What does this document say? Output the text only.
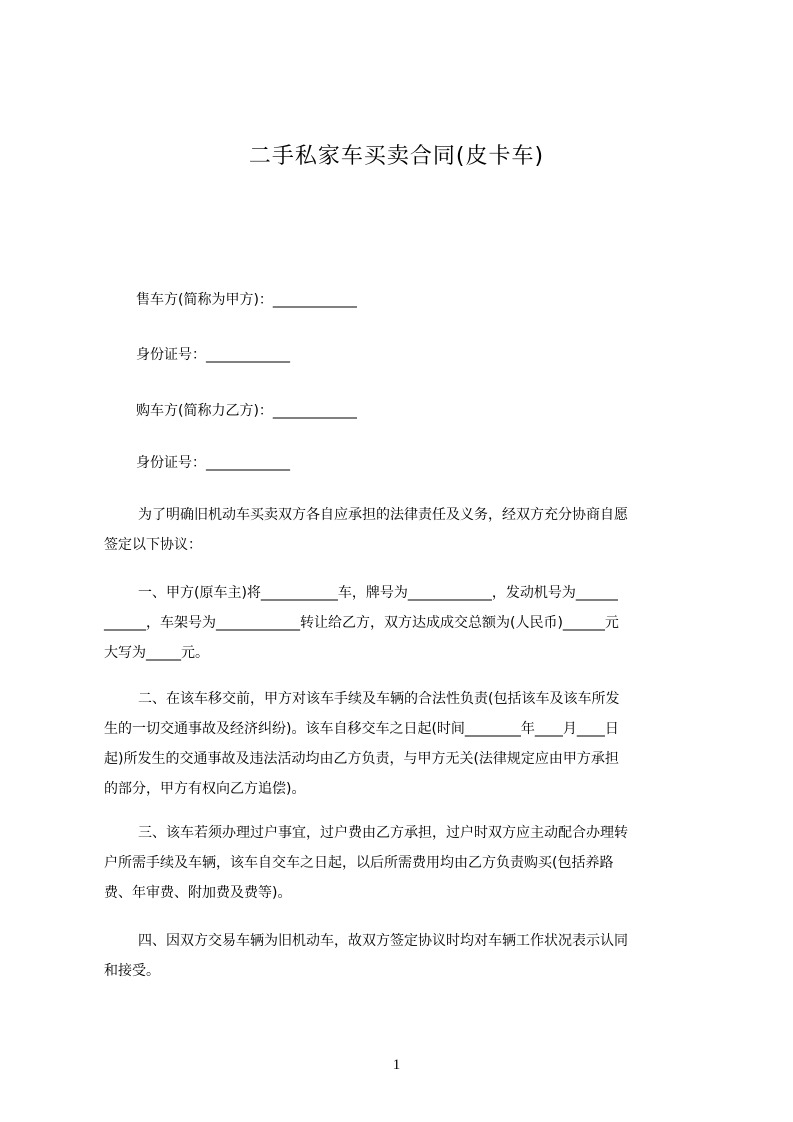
二手私家车买卖合同(皮卡车)
售车方(简称为甲方)：____________
身份证号：____________
购车方(简称力乙方)：____________
身份证号：____________
为了明确旧机动车买卖双方各自应承担的法律责任及义务，经双方充分协商自愿
签定以下协议：
一、甲方(原车主)将___________车，牌号为____________，发动机号为______
______，车架号为____________转让给乙方，双方达成成交总额为(人民币)______元
大写为_____元。
二、在该车移交前，甲方对该车手续及车辆的合法性负责(包括该车及该车所发
生的一切交通事故及经济纠纷)。该车自移交车之日起(时间________年____月____日
起)所发生的交通事故及违法活动均由乙方负责，与甲方无关(法律规定应由甲方承担
的部分，甲方有权向乙方追偿)。
三、该车若须办理过户事宜，过户费由乙方承担，过户时双方应主动配合办理转
户所需手续及车辆，该车自交车之日起，以后所需费用均由乙方负责购买(包括养路
费、年审费、附加费及费等)。
四、因双方交易车辆为旧机动车，故双方签定协议时均对车辆工作状况表示认同
和接受。
1
